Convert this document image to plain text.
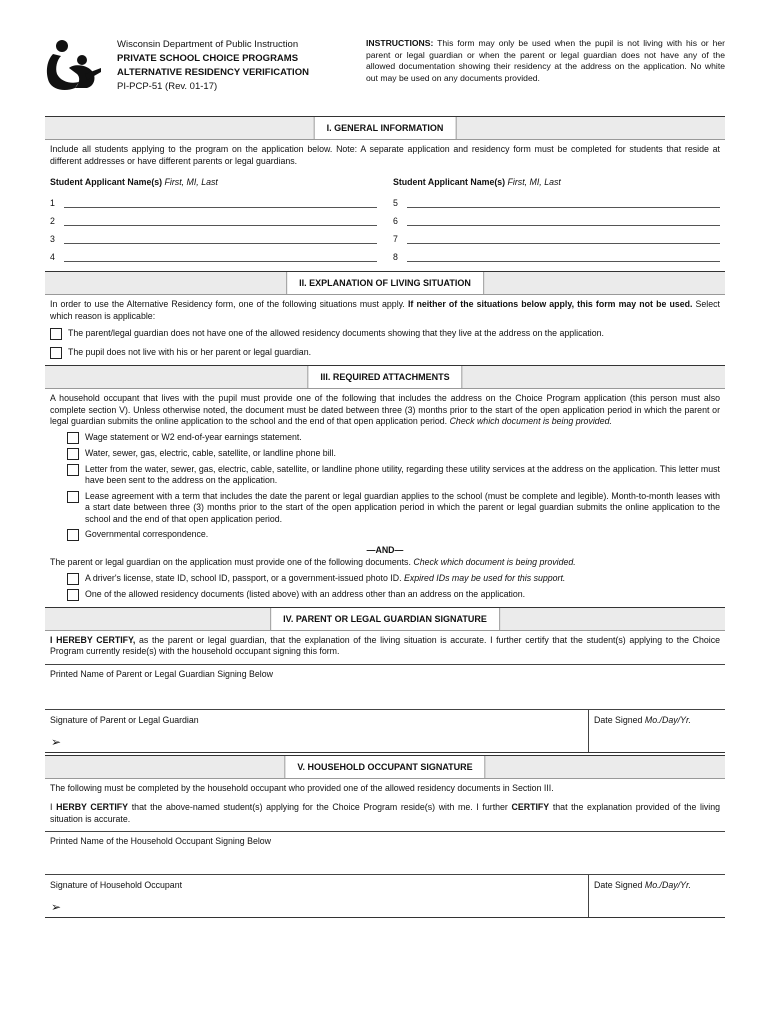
Wisconsin Department of Public Instruction
PRIVATE SCHOOL CHOICE PROGRAMS
ALTERNATIVE RESIDENCY VERIFICATION
PI-PCP-51 (Rev. 01-17)
INSTRUCTIONS: This form may only be used when the pupil is not living with his or her parent or legal guardian or when the parent or legal guardian does not have any of the allowed documentation showing their residency at the address on the application. No white out may be used on any documents provided.
I. GENERAL INFORMATION
Include all students applying to the program on the application below. Note: A separate application and residency form must be completed for students that reside at different addresses or have different parents or legal guardians.
Student Applicant Name(s) First, MI, Last
1
2
3
4
Student Applicant Name(s) First, MI, Last
5
6
7
8
II. EXPLANATION OF LIVING SITUATION
In order to use the Alternative Residency form, one of the following situations must apply. If neither of the situations below apply, this form may not be used. Select which reason is applicable:
The parent/legal guardian does not have one of the allowed residency documents showing that they live at the address on the application.
The pupil does not live with his or her parent or legal guardian.
III. REQUIRED ATTACHMENTS
A household occupant that lives with the pupil must provide one of the following that includes the address on the Choice Program application (this person must also complete section V). Unless otherwise noted, the document must be dated between three (3) months prior to the start of the open application period in which the parent or legal guardian submits the online application to the school and the end of that open application period. Check which document is being provided.
Wage statement or W2 end-of-year earnings statement.
Water, sewer, gas, electric, cable, satellite, or landline phone bill.
Letter from the water, sewer, gas, electric, cable, satellite, or landline phone utility, regarding these utility services at the address on the application. This letter must have been sent to the address on the application.
Lease agreement with a term that includes the date the parent or legal guardian applies to the school (must be complete and legible). Month-to-month leases with a start date between three (3) months prior to the start of the open application period in which the parent or legal guardian submits the online application to the school and the end of that open application period.
Governmental correspondence.
—AND—
The parent or legal guardian on the application must provide one of the following documents. Check which document is being provided.
A driver's license, state ID, school ID, passport, or a government-issued photo ID. Expired IDs may be used for this support.
One of the allowed residency documents (listed above) with an address other than an address on the application.
IV. PARENT OR LEGAL GUARDIAN SIGNATURE
I HEREBY CERTIFY, as the parent or legal guardian, that the explanation of the living situation is accurate. I further certify that the student(s) applying to the Choice Program currently reside(s) with the household occupant signing this form.
Printed Name of Parent or Legal Guardian Signing Below
Signature of Parent or Legal Guardian
➢
Date Signed Mo./Day/Yr.
V. HOUSEHOLD OCCUPANT SIGNATURE
The following must be completed by the household occupant who provided one of the allowed residency documents in Section III.
I HERBY CERTIFY that the above-named student(s) applying for the Choice Program reside(s) with me. I further CERTIFY that the explanation provided of the living situation is accurate.
Printed Name of the Household Occupant Signing Below
Signature of Household Occupant
➢
Date Signed Mo./Day/Yr.
